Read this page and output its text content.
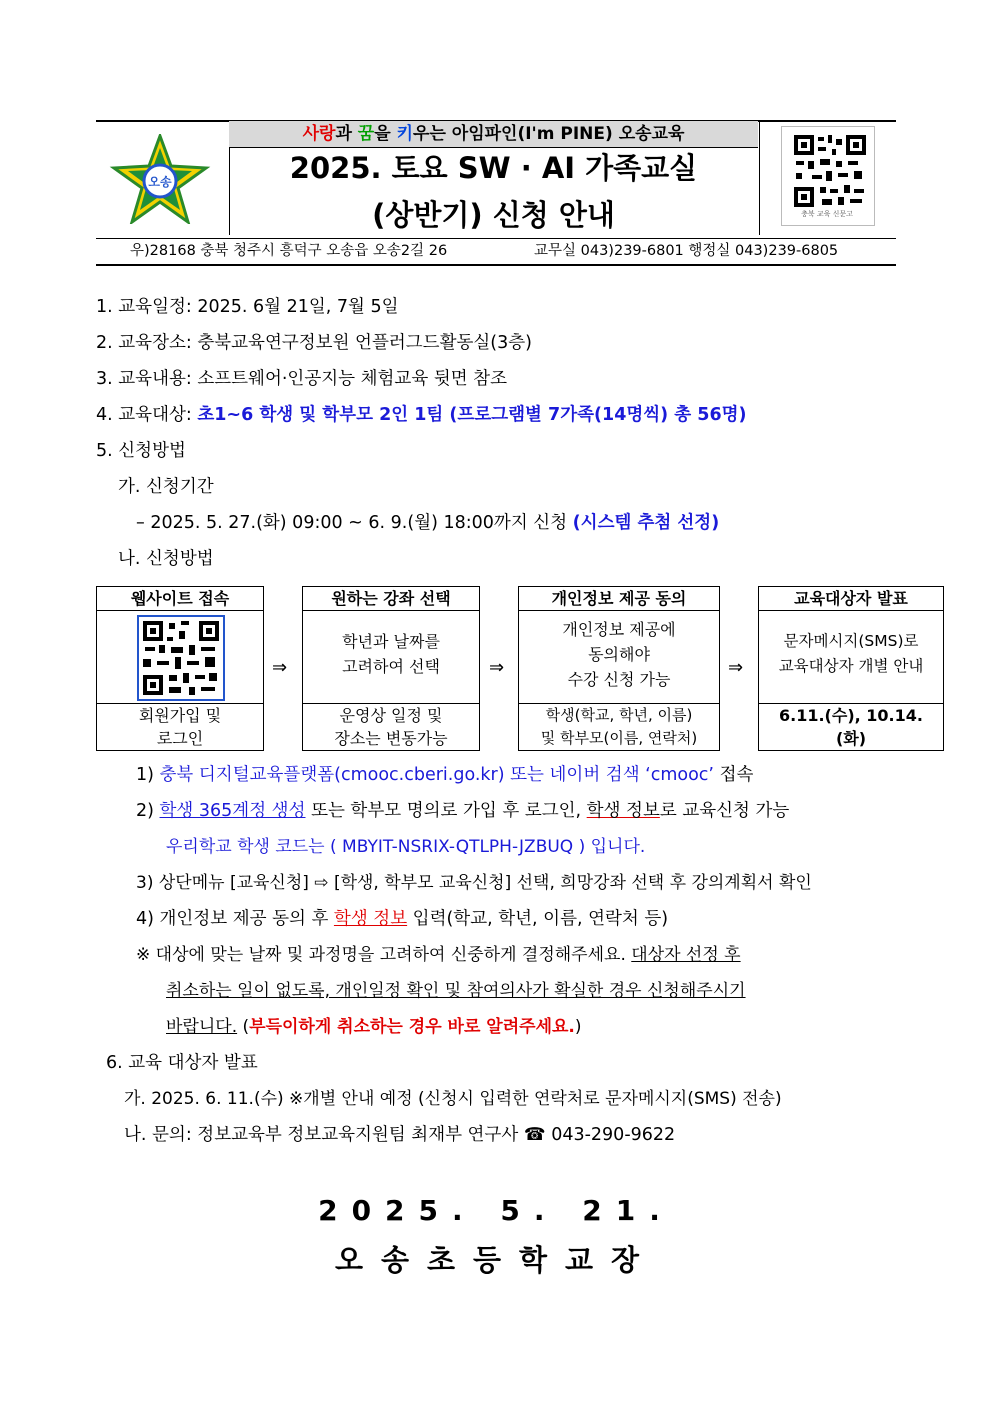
오송
사랑과 꿈을 키우는 아임파인(I'm PINE) 오송교육
2025. 토요 SW · AI 가족교실
(상반기) 신청 안내	충북 교육 신문고
우)28168 충북 청주시 흥덕구 오송읍 오송2길 26	교무실 043)239-6801 행정실 043)239-6805
1. 교육일정: 2025. 6월 21일, 7월 5일
2. 교육장소: 충북교육연구정보원 언플러그드활동실(3층)
3. 교육내용: 소프트웨어·인공지능 체험교육 뒷면 참조
4. 교육대상: 초1~6 학생 및 학부모 2인 1팀 (프로그램별 7가족(14명씩) 총 56명)
5. 신청방법
가. 신청기간
– 2025. 5. 27.(화) 09:00 ~ 6. 9.(월) 18:00까지 신청 (시스템 추첨 선정)
나. 신청방법
웹사이트 접속
회원가입 및
로그인
⇒
원하는 강좌 선택
학년과 날짜를
고려하여 선택
운영상 일정 및
장소는 변동가능
⇒
개인정보 제공 동의
개인정보 제공에
동의해야
수강 신청 가능
학생(학교, 학년, 이름)
및 학부모(이름, 연락처)
⇒
교육대상자 발표
문자메시지(SMS)로
교육대상자 개별 안내
6.11.(수), 10.14.
(화)
1) 충북 디지털교육플랫폼(cmooc.cberi.go.kr) 또는 네이버 검색 ‘cmooc’ 접속
2) 학생 365계정 생성 또는 학부모 명의로 가입 후 로그인, 학생 정보로 교육신청 가능
우리학교 학생 코드는 ( MBYIT-NSRIX-QTLPH-JZBUQ ) 입니다.
3) 상단메뉴 [교육신청] ⇨ [학생, 학부모 교육신청] 선택, 희망강좌 선택 후 강의계획서 확인
4) 개인정보 제공 동의 후 학생 정보 입력(학교, 학년, 이름, 연락처 등)
※ 대상에 맞는 날짜 및 과정명을 고려하여 신중하게 결정해주세요. 대상자 선정 후
취소하는 일이 없도록, 개인일정 확인 및 참여의사가 확실한 경우 신청해주시기
바랍니다. (부득이하게 취소하는 경우 바로 알려주세요.)
6. 교육 대상자 발표
가. 2025. 6. 11.(수) ※개별 안내 예정 (신청시 입력한 연락처로 문자메시지(SMS) 전송)
나. 문의: 정보교육부 정보교육지원팀 최재부 연구사 ☎ 043-290-9622
2025. 5. 21.
오송초등학교장
